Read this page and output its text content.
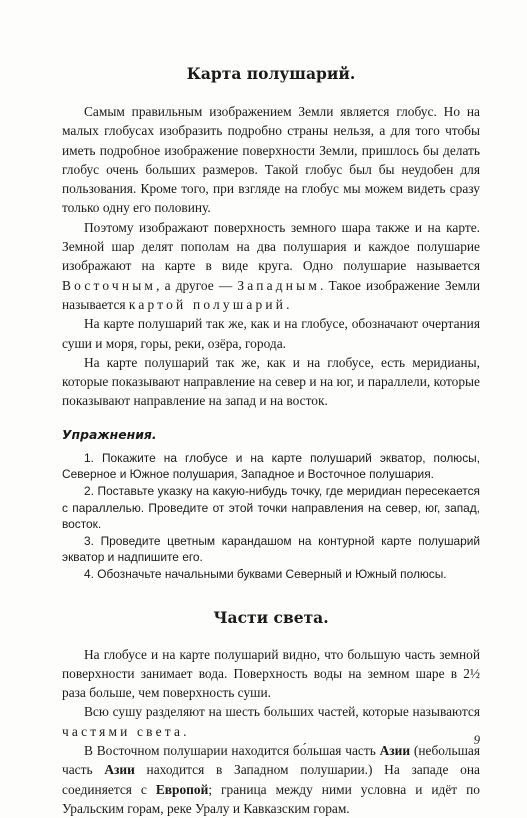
Карта полушарий.

Самым правильным изображением Земли является глобус. Но на малых глобусах изобразить подробно страны нельзя, а для того чтобы иметь подробное изображение поверхности Земли, пришлось бы делать глобус очень больших размеров. Такой глобус был бы неудобен для пользования. Кроме того, при взгляде на глобус мы можем видеть сразу только одну его половину.

Поэтому изображают поверхность земного шара также и на карте. Земной шар делят пополам на два полушария и каждое полушарие изображают на карте в виде круга. Одно полушарие называется Восточным, а другое — Западным. Такое изображение Земли называется картой полушарий.

На карте полушарий так же, как и на глобусе, обозначают очертания суши и моря, горы, реки, озёра, города.

На карте полушарий так же, как и на глобусе, есть меридианы, которые показывают направление на север и на юг, и параллели, которые показывают направление на запад и на восток.

Упражнения.

1. Покажите на глобусе и на карте полушарий экватор, полюсы, Северное и Южное полушария, Западное и Восточное полушария.

2. Поставьте указку на какую-нибудь точку, где меридиан пересекается с параллелью. Проведите от этой точки направления на север, юг, запад, восток.

3. Проведите цветным карандашом на контурной карте полушарий экватор и надпишите его.

4. Обозначьте начальными буквами Северный и Южный полюсы.

Части света.

На глобусе и на карте полушарий видно, что большую часть земной поверхности занимает вода. Поверхность воды на земном шаре в 2½ раза больше, чем поверхность суши.

Всю сушу разделяют на шесть больших частей, которые называются частями света.

В Восточном полушарии находится бо́льшая часть Азии (небольшая часть Азии находится в Западном полушарии.) На западе она соединяется с Европой; граница между ними условна и идёт по Уральским горам, реке Уралу и Кавказским горам.

9
